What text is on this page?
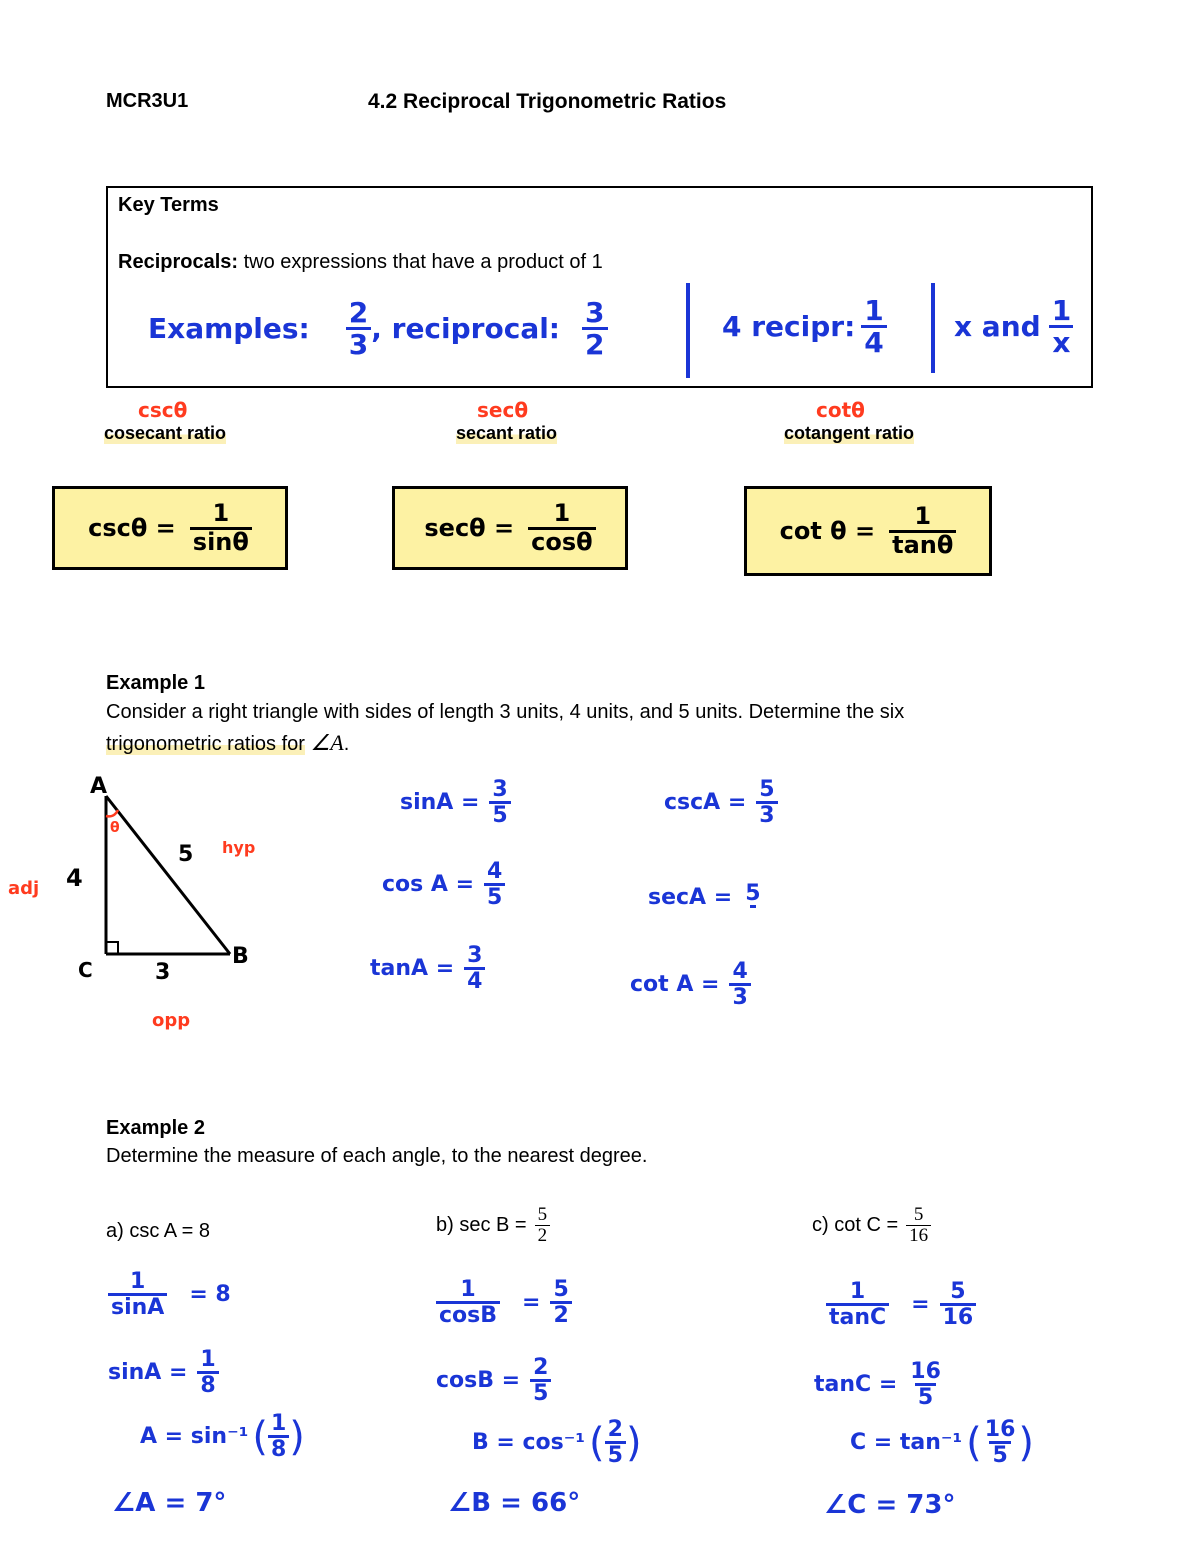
MCR3U1	4.2 Reciprocal Trigonometric Ratios
Key Terms
Reciprocals: two expressions that have a product of 1
Examples: $\frac{2}{3}$ , reciprocal: $\frac{3}{2}$	4 recipr: $\frac{1}{4}$ x and $\frac{1}{x}$
cscθ
cosecant ratio
secθ
secant ratio
cotθ
cotangent ratio
$\csc\theta = \frac{1}{\sin\theta}$	$\sec\theta = \frac{1}{\cos\theta}$	$\cot \theta = \frac{1}{\tan\theta}$
Example 1
Consider a right triangle with sides of length 3 units, 4 units, and 5 units. Determine the six
trigonometric ratios for ∠A.
A
B
C
4
3
5
θ
adj
opp
hyp
$\sin A = \frac{3}{5}$	$\csc A = \frac{5}{3}$
$\cos A = \frac{4}{5}$	secA = 5
$\tan A = \frac{3}{4}$	$\cot A = \frac{4}{3}$
Example 2
Determine the measure of each angle, to the nearest degree.
a) csc A = 8
$\frac{1}{\sin A} = 8$
$\sin A = \frac{1}{8}$
A = sin⁻¹ ( $\frac{1}{8}$ )
∠A = 7°
b) $\sec B = \frac{5}{2}$
$\frac{1}{\cos B} = \frac{5}{2}$
$\cos B = \frac{2}{5}$
B = cos⁻¹ ( $\frac{2}{5}$ )
∠B = 66°
c) $\cot C = \frac{5}{16}$
$\frac{1}{\tan C} = \frac{5}{16}$
$\tan C = \frac{16}{5}$
C = tan⁻¹ ( $\frac{16}{5}$ )
∠C = 73°
